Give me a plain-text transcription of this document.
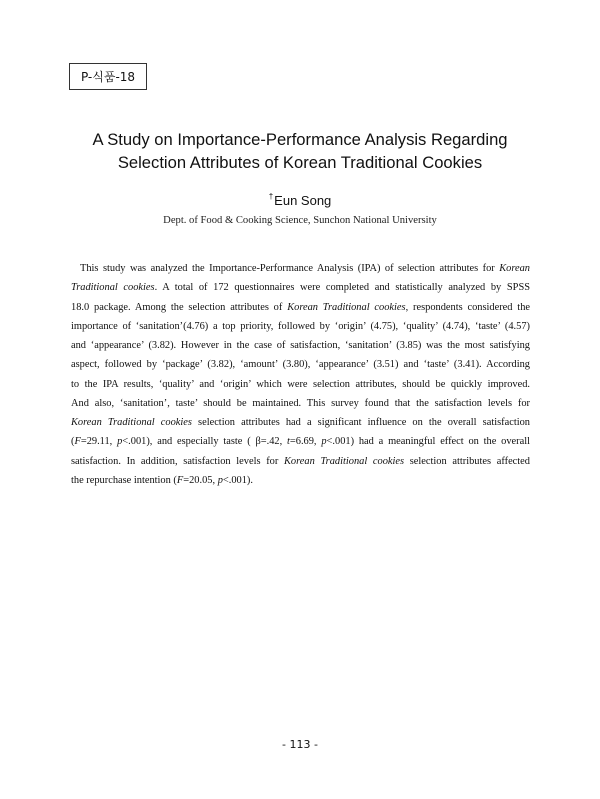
P-식품-18
A Study on Importance-Performance Analysis Regarding
Selection Attributes of Korean Traditional Cookies
†Eun Song
Dept. of Food & Cooking Science, Sunchon National University
This study was analyzed the Importance-Performance Analysis (IPA) of selection attributes for Korean
Traditional cookies. A total of 172 questionnaires were completed and statistically analyzed by SPSS
18.0 package. Among the selection attributes of Korean Traditional cookies, respondents considered the
importance of ‘sanitation’(4.76) a top priority, followed by ‘origin’ (4.75), ‘quality’ (4.74), ‘taste’ (4.57)
and ‘appearance’ (3.82). However in the case of satisfaction, ‘sanitation’ (3.85) was the most satisfying
aspect, followed by ‘package’ (3.82), ‘amount’ (3.80), ‘appearance’ (3.51) and ‘taste’ (3.41). According
to the IPA results, ‘quality’ and ‘origin’ which were selection attributes, should be quickly improved.
And also, ‘sanitation’, taste’ should be maintained. This survey found that the satisfaction levels for
Korean Traditional cookies selection attributes had a significant influence on the overall satisfaction
(F=29.11, p<.001), and especially taste ( β=.42, t=6.69, p<.001) had a meaningful effect on the overall
satisfaction. In addition, satisfaction levels for Korean Traditional cookies selection attributes affected
the repurchase intention (F=20.05, p<.001).
- 113 -
